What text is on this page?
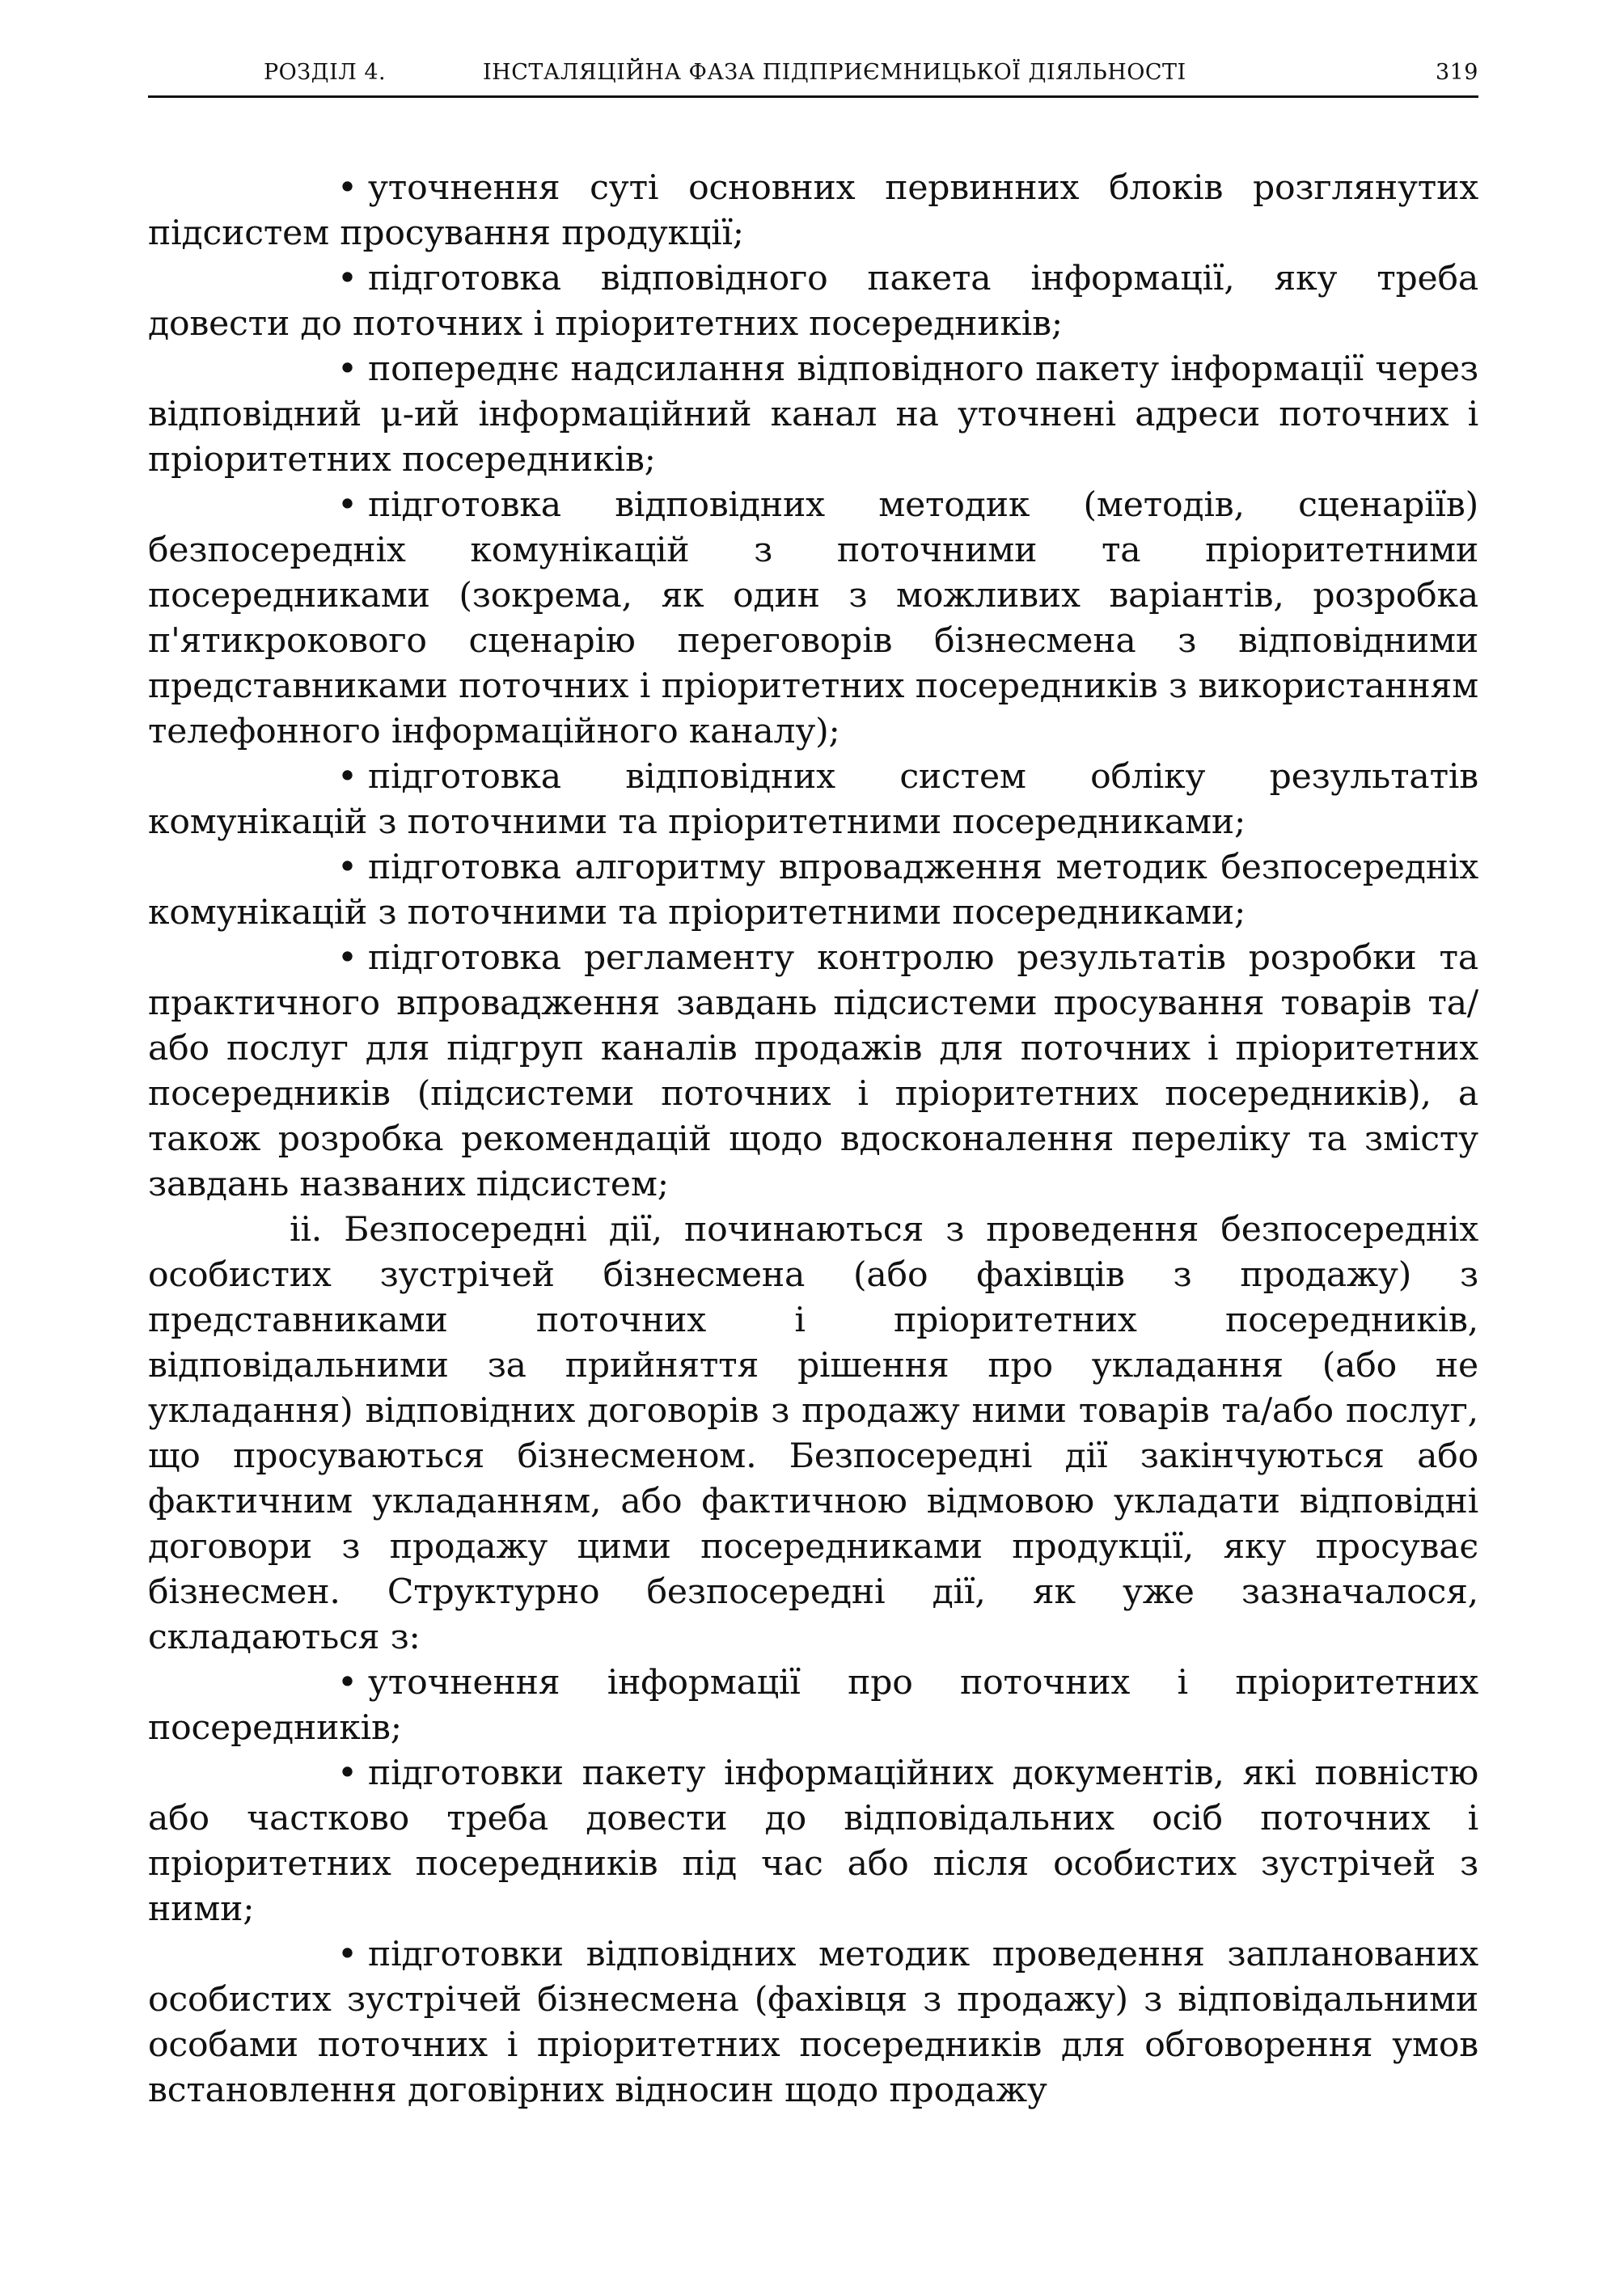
РОЗДІЛ 4.	ІНСТАЛЯЦІЙНА ФАЗА ПІДПРИЄМНИЦЬКОЇ ДІЯЛЬНОСТІ	319

• уточнення суті основних первинних блоків розглянутих підсистем просування продукції;

• підготовка відповідного пакета інформації, яку треба довести до поточних і пріоритетних посередників;

• попереднє надсилання відповідного пакету інформації через відповідний μ-ий інформаційний канал на уточнені адреси поточних і пріоритетних посередників;

• підготовка відповідних методик (методів, сценаріїв) безпосередніх комунікацій з поточними та пріоритетними посередниками (зокрема, як один з можливих варіантів, розробка п'ятикрокового сценарію переговорів бізнесмена з відповідними представниками поточних і пріоритетних посередників з використанням телефонного інформаційного каналу);

• підготовка відповідних систем обліку результатів комунікацій з поточними та пріоритетними посередниками;

• підготовка алгоритму впровадження методик безпосередніх комунікацій з поточними та пріоритетними посередниками;

• підготовка регламенту контролю результатів розробки та практичного впровадження завдань підсистеми просування товарів та/або послуг для підгруп каналів продажів для поточних і пріоритетних посередників (підсистеми поточних і пріоритетних посередників), а також розробка рекомендацій щодо вдосконалення переліку та змісту завдань названих підсистем;

іі. Безпосередні дії, починаються з проведення безпосередніх особистих зустрічей бізнесмена (або фахівців з продажу) з представниками поточних і пріоритетних посередників, відповідальними за прийняття рішення про укладання (або не укладання) відповідних договорів з продажу ними товарів та/або послуг, що просуваються бізнесменом. Безпосередні дії закінчуються або фактичним укладанням, або фактичною відмовою укладати відповідні договори з продажу цими посередниками продукції, яку просуває бізнесмен. Структурно безпосередні дії, як уже зазначалося, складаються з:

• уточнення інформації про поточних і пріоритетних посередників;

• підготовки пакету інформаційних документів, які повністю або частково треба довести до відповідальних осіб поточних і пріоритетних посередників під час або після особистих зустрічей з ними;

• підготовки відповідних методик проведення запланованих особистих зустрічей бізнесмена (фахівця з продажу) з відповідальними особами поточних і пріоритетних посередників для обговорення умов встановлення договірних відносин щодо продажу
